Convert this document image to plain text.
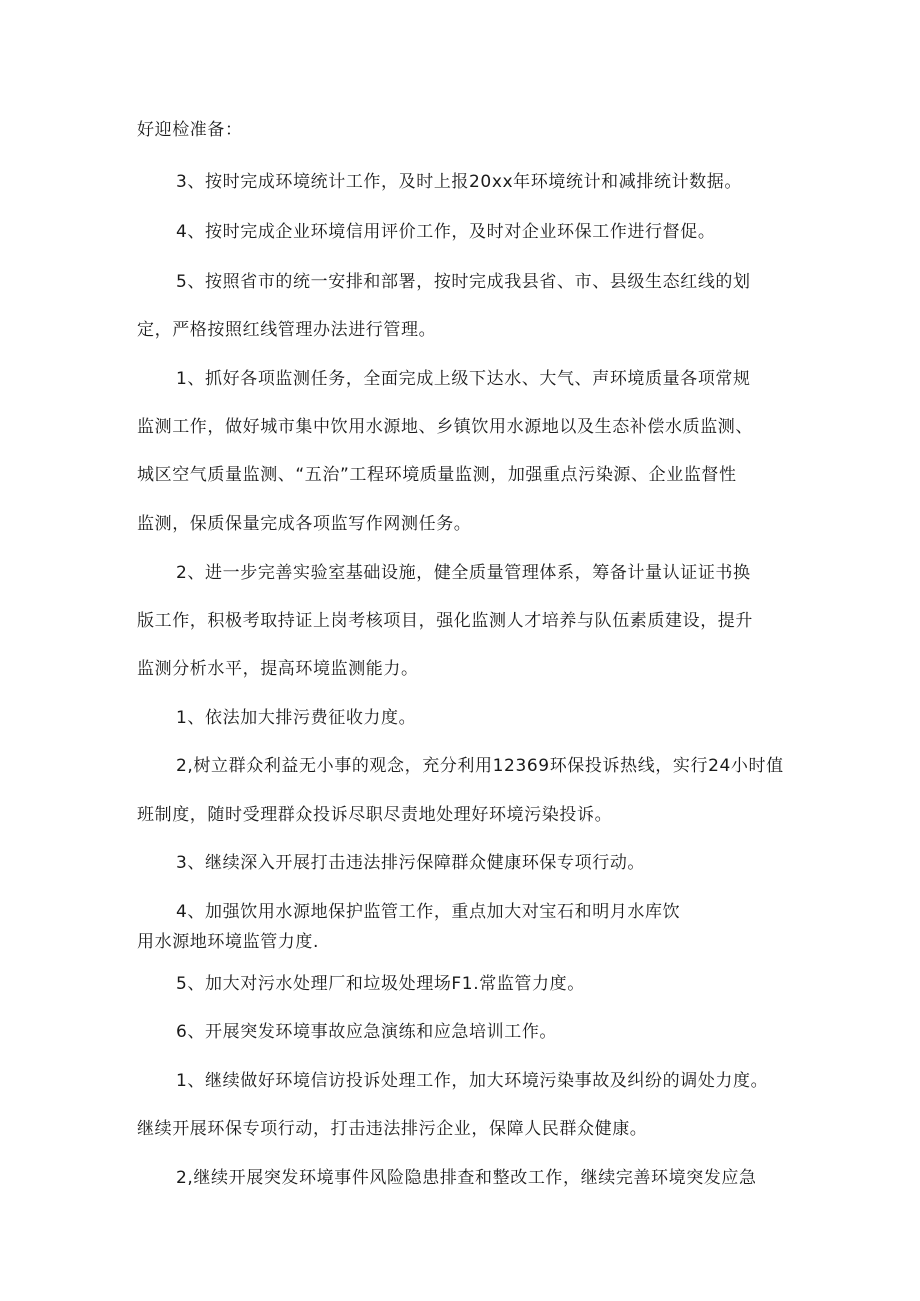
好迎检准备：
3、按时完成环境统计工作，及时上报20xx年环境统计和减排统计数据。
4、按时完成企业环境信用评价工作，及时对企业环保工作进行督促。
5、按照省市的统一安排和部署，按时完成我县省、市、县级生态红线的划
定，严格按照红线管理办法进行管理。
1、抓好各项监测任务，全面完成上级下达水、大气、声环境质量各项常规
监测工作，做好城市集中饮用水源地、乡镇饮用水源地以及生态补偿水质监测、
城区空气质量监测、“五治”工程环境质量监测，加强重点污染源、企业监督性
监测，保质保量完成各项监写作网测任务。
2、进一步完善实验室基础设施，健全质量管理体系，筹备计量认证证书换
版工作，积极考取持证上岗考核项目，强化监测人才培养与队伍素质建设，提升
监测分析水平，提高环境监测能力。
1、依法加大排污费征收力度。
2,树立群众利益无小事的观念，充分利用12369环保投诉热线，实行24小时值
班制度，随时受理群众投诉尽职尽责地处理好环境污染投诉。
3、继续深入开展打击违法排污保障群众健康环保专项行动。
4、加强饮用水源地保护监管工作，重点加大对宝石和明月水库饮
用水源地环境监管力度.
5、加大对污水处理厂和垃圾处理场F1.常监管力度。
6、开展突发环境事故应急演练和应急培训工作。
1、继续做好环境信访投诉处理工作，加大环境污染事故及纠纷的调处力度。
继续开展环保专项行动，打击违法排污企业，保障人民群众健康。
2,继续开展突发环境事件风险隐患排查和整改工作，继续完善环境突发应急
